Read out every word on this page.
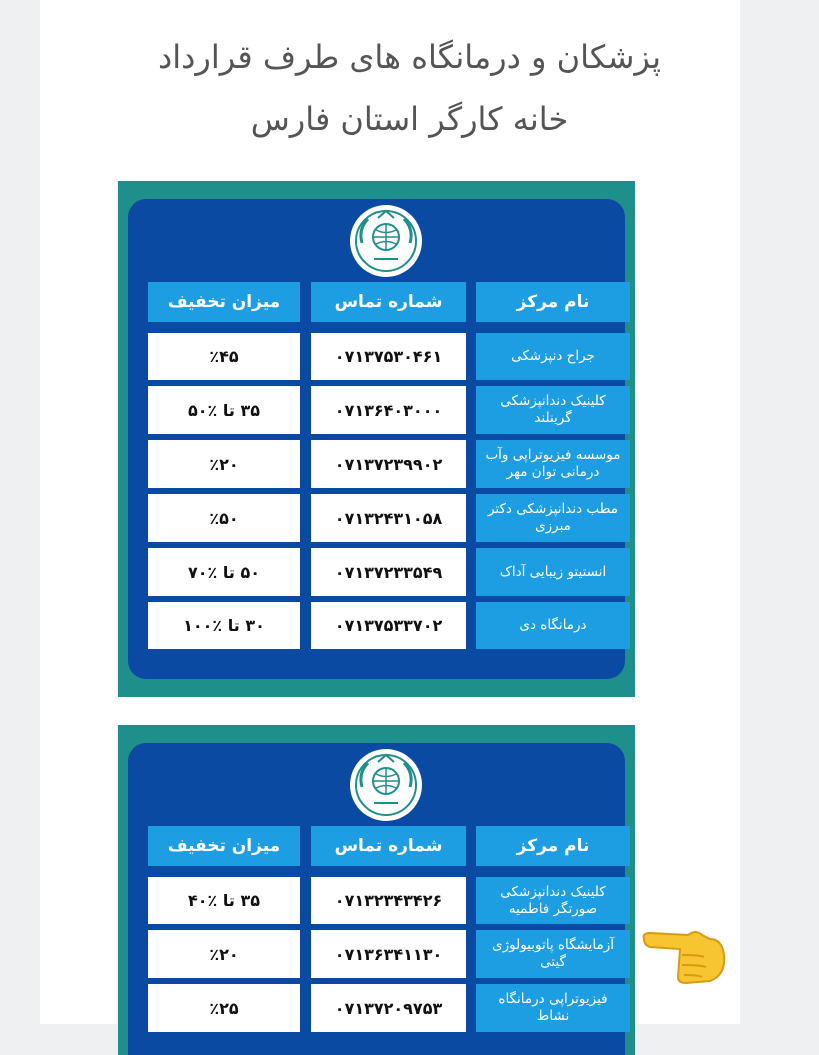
پزشکان و درمانگاه های طرف قرارداد
خانه کارگر استان فارس
نام مرکز
شماره تماس
میزان تخفیف
جراح دنپزشکی
۰۷۱۳۷۵۳۰۴۶۱
٪۴۵
کلینیک دندانپزشکی گرینلند
۰۷۱۳۶۴۰۳۰۰۰
۳۵ تا ٪۵۰
موسسه فیزیوتراپی وآب درمانی توان مهر
۰۷۱۳۷۲۳۹۹۰۲
٪۲۰
مطب دندانپزشکی دکتر مبرزی
۰۷۱۳۲۴۳۱۰۵۸
٪۵۰
انستیتو زیبایی آداک
۰۷۱۳۷۲۳۳۵۴۹
۵۰ تا ٪۷۰
درمانگاه دی
۰۷۱۳۷۵۳۳۷۰۲
۳۰ تا ٪۱۰۰
نام مرکز
شماره تماس
میزان تخفیف
کلینیک دندانپزشکی صورتگر فاطمیه
۰۷۱۳۲۳۴۳۴۲۶
۳۵ تا ٪۴۰
آزمایشگاه پاتوبیولوژی گیتی
۰۷۱۳۶۳۴۱۱۳۰
٪۲۰
فیزیوتراپی درمانگاه نشاط
۰۷۱۳۷۲۰۹۷۵۳
٪۲۵
